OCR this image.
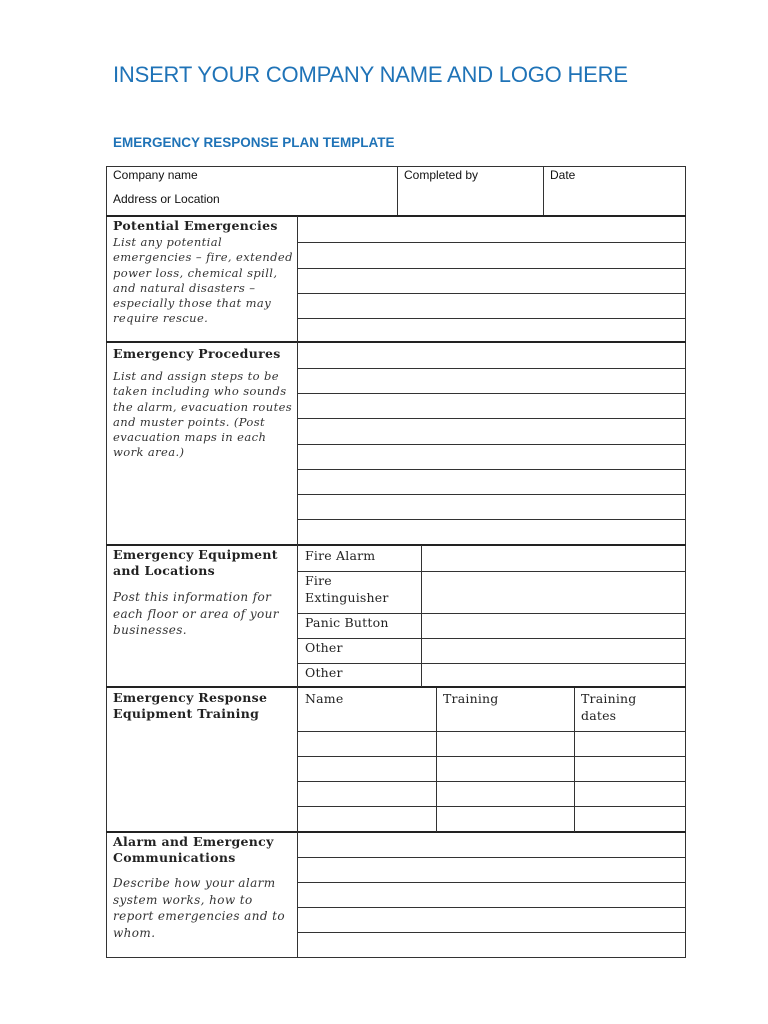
INSERT YOUR COMPANY NAME AND LOGO HERE
EMERGENCY RESPONSE PLAN TEMPLATE
Company name
Address or Location
Completed by	Date
Potential Emergencies
List any potential emergencies – fire, extended power loss, chemical spill, and natural disasters – especially those that may require rescue.
Emergency Procedures
List and assign steps to be taken including who sounds the alarm, evacuation routes and muster points. (Post evacuation maps in each work area.)
Emergency Equipment and Locations
Post this information for each floor or area of your businesses.
Fire Alarm
Fire Extinguisher
Panic Button
Other
Other
Emergency Response Equipment Training
Name	Training	Training dates
Alarm and Emergency Communications
Describe how your alarm system works, how to report emergencies and to whom.
